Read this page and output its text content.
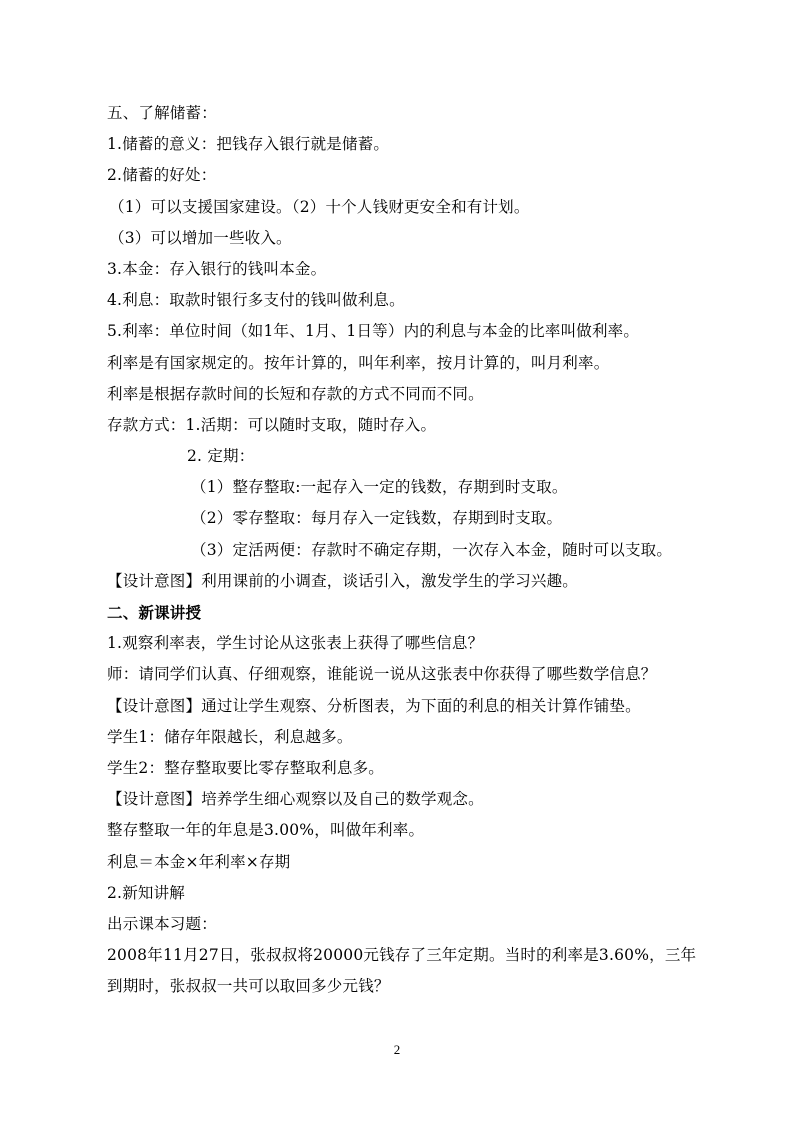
五、了解储蓄：
1.储蓄的意义：把钱存入银行就是储蓄。
2.储蓄的好处：
（1）可以支援国家建设。（2）十个人钱财更安全和有计划。
（3）可以增加一些收入。
3.本金：存入银行的钱叫本金。
4.利息：取款时银行多支付的钱叫做利息。
5.利率：单位时间（如1年、1月、1日等）内的利息与本金的比率叫做利率。
利率是有国家规定的。按年计算的，叫年利率，按月计算的，叫月利率。
利率是根据存款时间的长短和存款的方式不同而不同。
存款方式：1.活期：可以随时支取，随时存入。
2. 定期：
（1）整存整取:一起存入一定的钱数，存期到时支取。
（2）零存整取：每月存入一定钱数，存期到时支取。
（3）定活两便：存款时不确定存期，一次存入本金，随时可以支取。
【设计意图】利用课前的小调查，谈话引入，激发学生的学习兴趣。
二、新课讲授
1.观察利率表，学生讨论从这张表上获得了哪些信息？
师：请同学们认真、仔细观察，谁能说一说从这张表中你获得了哪些数学信息？
【设计意图】通过让学生观察、分析图表，为下面的利息的相关计算作铺垫。
学生1：储存年限越长，利息越多。
学生2：整存整取要比零存整取利息多。
【设计意图】培养学生细心观察以及自己的数学观念。
整存整取一年的年息是3.00%，叫做年利率。
利息＝本金×年利率×存期
2.新知讲解
出示课本习题：
2008年11月27日，张叔叔将20000元钱存了三年定期。当时的利率是3.60%，三年到期时，张叔叔一共可以取回多少元钱？
2
